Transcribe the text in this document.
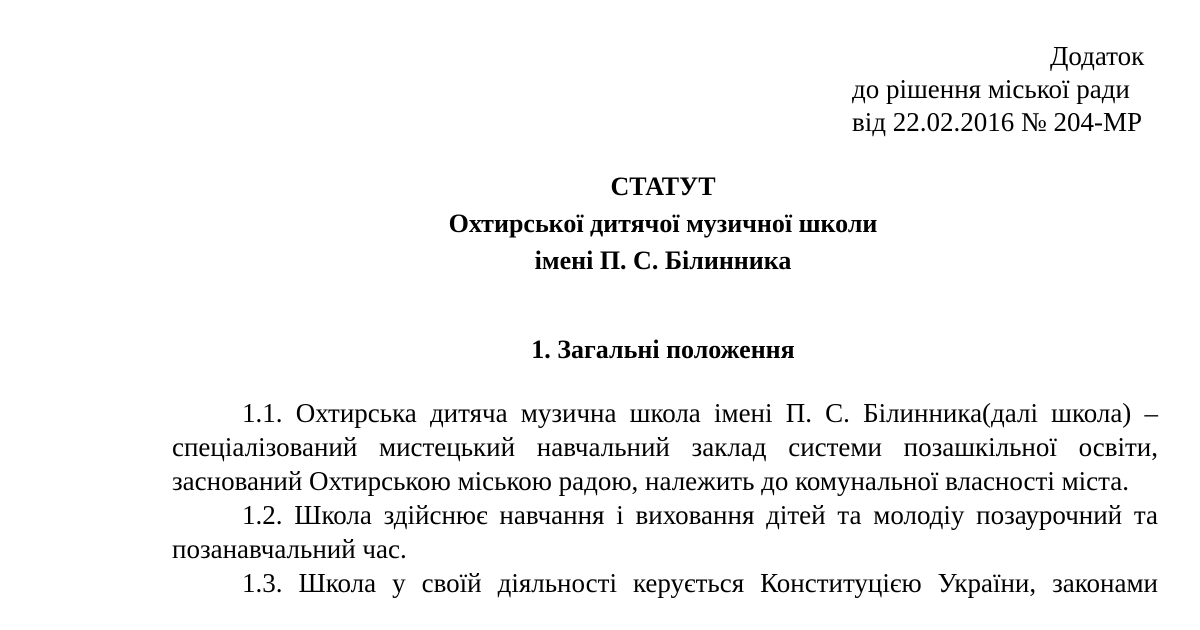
Додаток
до рішення міської ради
від 22.02.2016 № 204-МР
СТАТУТ
Охтирської дитячої музичної школи
імені П. С. Білинника
1. Загальні положення

1.1. Охтирська дитяча музична школа імені П. С. Білинника(далі школа) – спеціалізований мистецький навчальний заклад системи позашкільної освіти, заснований Охтирською міською радою, належить до комунальної власності міста.

1.2. Школа здійснює навчання і виховання дітей та молодіу позаурочний та позанавчальний час.

1.3. Школа у своїй діяльності керується Конституцією України, законами
